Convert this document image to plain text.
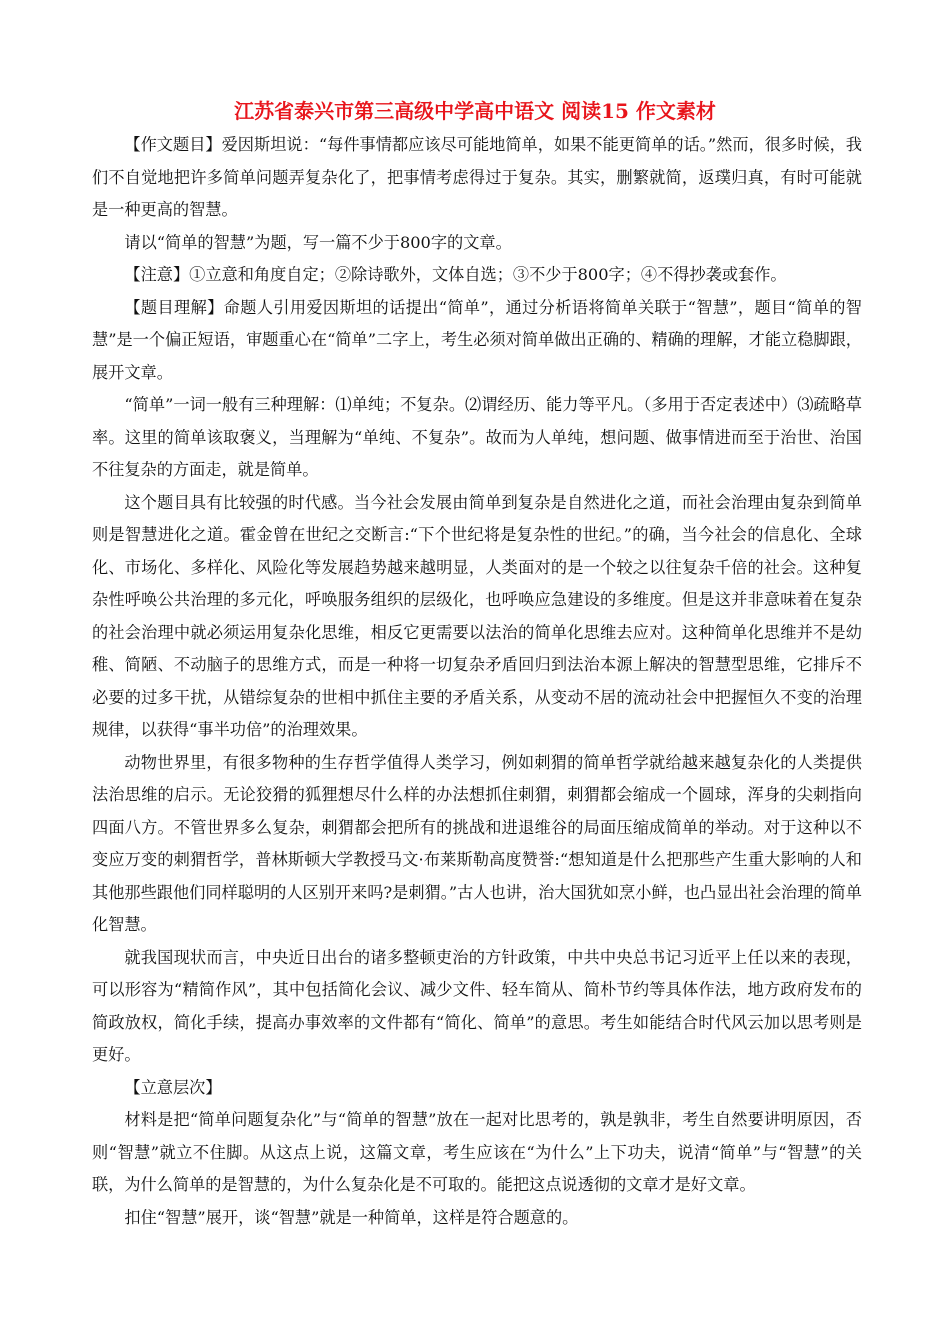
江苏省泰兴市第三高级中学高中语文 阅读15 作文素材

【作文题目】爱因斯坦说：“每件事情都应该尽可能地简单，如果不能更简单的话。”然而，很多时候，我们不自觉地把许多简单问题弄复杂化了，把事情考虑得过于复杂。其实，删繁就简，返璞归真，有时可能就是一种更高的智慧。

请以“简单的智慧”为题，写一篇不少于800字的文章。

【注意】①立意和角度自定；②除诗歌外，文体自选；③不少于800字；④不得抄袭或套作。

【题目理解】命题人引用爱因斯坦的话提出“简单”，通过分析语将简单关联于“智慧”，题目“简单的智慧”是一个偏正短语，审题重心在“简单”二字上，考生必须对简单做出正确的、精确的理解，才能立稳脚跟，展开文章。

“简单”一词一般有三种理解：⑴单纯；不复杂。⑵谓经历、能力等平凡。（多用于否定表述中）⑶疏略草率。这里的简单该取褒义，当理解为“单纯、不复杂”。故而为人单纯，想问题、做事情进而至于治世、治国不往复杂的方面走，就是简单。

这个题目具有比较强的时代感。当今社会发展由简单到复杂是自然进化之道，而社会治理由复杂到简单则是智慧进化之道。霍金曾在世纪之交断言:“下个世纪将是复杂性的世纪。”的确，当今社会的信息化、全球化、市场化、多样化、风险化等发展趋势越来越明显，人类面对的是一个较之以往复杂千倍的社会。这种复杂性呼唤公共治理的多元化，呼唤服务组织的层级化，也呼唤应急建设的多维度。但是这并非意味着在复杂的社会治理中就必须运用复杂化思维，相反它更需要以法治的简单化思维去应对。这种简单化思维并不是幼稚、简陋、不动脑子的思维方式，而是一种将一切复杂矛盾回归到法治本源上解决的智慧型思维，它排斥不必要的过多干扰，从错综复杂的世相中抓住主要的矛盾关系，从变动不居的流动社会中把握恒久不变的治理规律，以获得“事半功倍”的治理效果。

动物世界里，有很多物种的生存哲学值得人类学习，例如刺猬的简单哲学就给越来越复杂化的人类提供法治思维的启示。无论狡猾的狐狸想尽什么样的办法想抓住刺猬，刺猬都会缩成一个圆球，浑身的尖刺指向四面八方。不管世界多么复杂，刺猬都会把所有的挑战和进退维谷的局面压缩成简单的举动。对于这种以不变应万变的刺猬哲学，普林斯顿大学教授马文·布莱斯勒高度赞誉:“想知道是什么把那些产生重大影响的人和其他那些跟他们同样聪明的人区别开来吗?是刺猬。”古人也讲，治大国犹如烹小鲜，也凸显出社会治理的简单化智慧。

就我国现状而言，中央近日出台的诸多整顿吏治的方针政策，中共中央总书记习近平上任以来的表现，可以形容为“精简作风”，其中包括简化会议、减少文件、轻车简从、简朴节约等具体作法，地方政府发布的简政放权，简化手续，提高办事效率的文件都有“简化、简单”的意思。考生如能结合时代风云加以思考则是更好。

【立意层次】

材料是把“简单问题复杂化”与“简单的智慧”放在一起对比思考的，孰是孰非，考生自然要讲明原因，否则“智慧”就立不住脚。从这点上说，这篇文章，考生应该在“为什么”上下功夫，说清“简单”与“智慧”的关联，为什么简单的是智慧的，为什么复杂化是不可取的。能把这点说透彻的文章才是好文章。

扣住“智慧”展开，谈“智慧”就是一种简单，这样是符合题意的。
